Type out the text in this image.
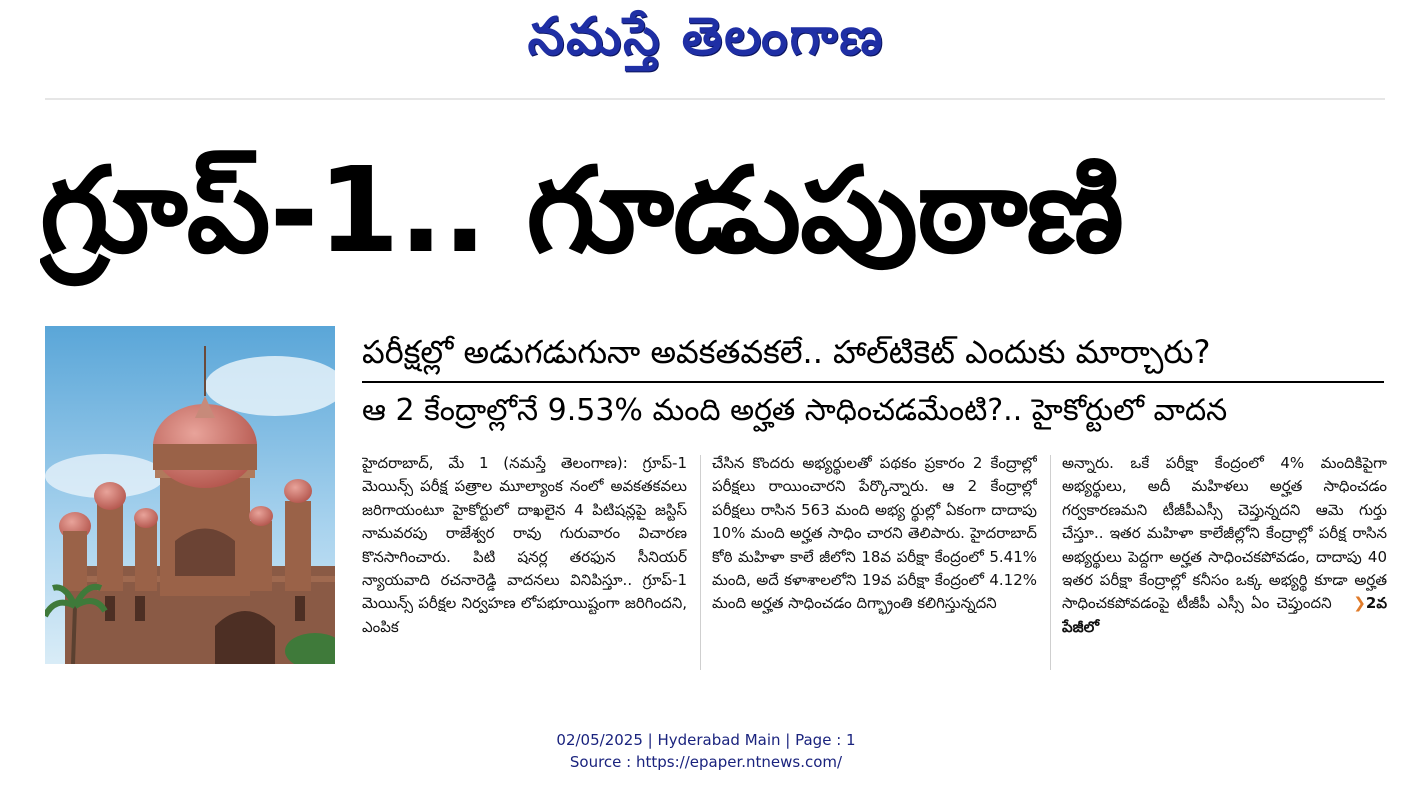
నమస్తే తెలంగాణ
గ్రూప్-1.. గూడుపుఠాణి
పరీక్షల్లో అడుగడుగునా అవకతవకలే.. హాల్‌టికెట్ ఎందుకు మార్చారు?
ఆ 2 కేంద్రాల్లోనే 9.53% మంది అర్హత సాధించడమేంటి?.. హైకోర్టులో వాదన
హైదరాబాద్, మే 1 (నమస్తే తెలంగాణ): గ్రూప్-1 మెయిన్స్ పరీక్ష పత్రాల మూల్యాంక నంలో అవకతకవలు జరిగాయంటూ హైకోర్టులో దాఖలైన 4 పిటిషన్లపై జస్టిస్ నామవరపు రాజేశ్వర రావు గురువారం విచారణ కొనసాగించారు. పిటి షనర్ల తరఫున సీనియర్ న్యాయవాది రచనారెడ్డి వాదనలు వినిపిస్తూ.. గ్రూప్-1 మెయిన్స్ పరీక్షల నిర్వహణ లోపభూయిష్టంగా జరిగిందని, ఎంపిక
చేసిన కొందరు అభ్యర్థులతో పథకం ప్రకారం 2 కేంద్రాల్లో పరీక్షలు రాయించారని పేర్కొన్నారు. ఆ 2 కేంద్రాల్లో పరీక్షలు రాసిన 563 మంది అభ్య ర్థుల్లో ఏకంగా దాదాపు 10% మంది అర్హత సాధిం చారని తెలిపారు. హైదరాబాద్ కోఠి మహిళా కాలే జీలోని 18వ పరీక్షా కేంద్రంలో 5.41% మంది, అదే కళాశాలలోని 19వ పరీక్షా కేంద్రంలో 4.12% మంది అర్హత సాధించడం దిగ్భ్రాంతి కలిగిస్తున్నదని
అన్నారు. ఒకే పరీక్షా కేంద్రంలో 4% మందికిపైగా అభ్యర్థులు, అదీ మహిళలు అర్హత సాధించడం గర్వకారణమని టీజీపీఎస్సీ చెప్తున్నదని ఆమె గుర్తు చేస్తూ.. ఇతర మహిళా కాలేజీల్లోని కేంద్రాల్లో పరీక్ష రాసిన అభ్యర్థులు పెద్దగా అర్హత సాధించకపోవడం, దాదాపు 40 ఇతర పరీక్షా కేంద్రాల్లో కనీసం ఒక్క అభ్యర్థి కూడా అర్హత సాధించకపోవడంపై టీజీపీ ఎస్సీ ఏం చెప్తుందని ❯2వ పేజీలో
02/05/2025 | Hyderabad Main | Page : 1
Source : https://epaper.ntnews.com/
